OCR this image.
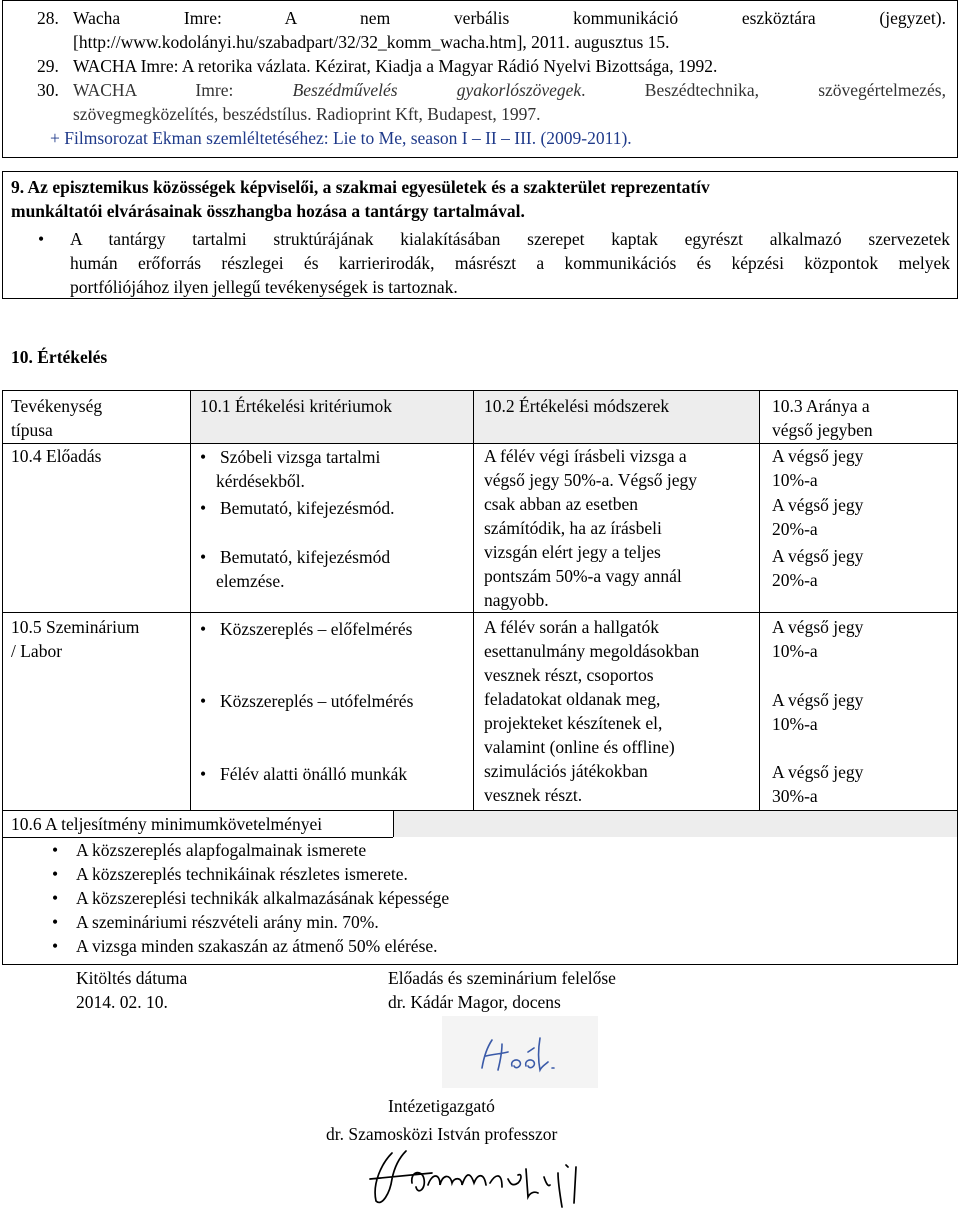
28. Wacha Imre: A nem verbális kommunikáció eszköztára (jegyzet).
[http://www.kodolányi.hu/szabadpart/32/32_komm_wacha.htm], 2011. augusztus 15.
29. WACHA Imre: A retorika vázlata. Kézirat, Kiadja a Magyar Rádió Nyelvi Bizottsága, 1992.
30. WACHA Imre: Beszédművelés gyakorlószövegek. Beszédtechnika, szövegértelmezés,
szövegmegközelítés, beszédstílus. Radioprint Kft, Budapest, 1997.
+ Filmsorozat Ekman szemléltetéséhez: Lie to Me, season I – II – III. (2009-2011).
9. Az episztemikus közösségek képviselői, a szakmai egyesületek és a szakterület reprezentatív
munkáltatói elvárásainak összhangba hozása a tantárgy tartalmával.
• A tantárgy tartalmi struktúrájának kialakításában szerepet kaptak egyrészt alkalmazó szervezetek
humán erőforrás részlegei és karrierirodák, másrészt a kommunikációs és képzési központok melyek
portfóliójához ilyen jellegű tevékenységek is tartoznak.
10. Értékelés
Tevékenység
típusa
10.1 Értékelési kritériumok	10.2 Értékelési módszerek	10.3 Aránya a
végső jegyben
10.4 Előadás
•	Szóbeli vizsga tartalmi
kérdésekből.
• Bemutató, kifejezésmód.
• Bemutató, kifejezésmód
elemzése.
A félév végi írásbeli vizsga a
végső jegy 50%-a. Végső jegy
csak abban az esetben
számítódik, ha az írásbeli
vizsgán elért jegy a teljes
pontszám 50%-a vagy annál
nagyobb.
A végső jegy
10%-a
A végső jegy
20%-a
A végső jegy
20%-a
10.5 Szeminárium
/ Labor
• Közszereplés – előfelmérés
• Közszereplés – utófelmérés
• Félév alatti önálló munkák
A félév során a hallgatók
esettanulmány megoldásokban
vesznek részt, csoportos
feladatokat oldanak meg,
projekteket készítenek el,
valamint (online és offline)
szimulációs játékokban
vesznek részt.
A végső jegy
10%-a
A végső jegy
10%-a
A végső jegy
30%-a
10.6 A teljesítmény minimumkövetelményei
• A közszereplés alapfogalmainak ismerete
• A közszereplés technikáinak részletes ismerete.
• A közszereplési technikák alkalmazásának képessége
• A szemináriumi részvételi arány min. 70%.
• A vizsga minden szakaszán az átmenő 50% elérése.
Kitöltés dátuma
2014. 02. 10.
Előadás és szeminárium felelőse
dr. Kádár Magor, docens
Intézetigazgató
dr. Szamosközi István professzor
